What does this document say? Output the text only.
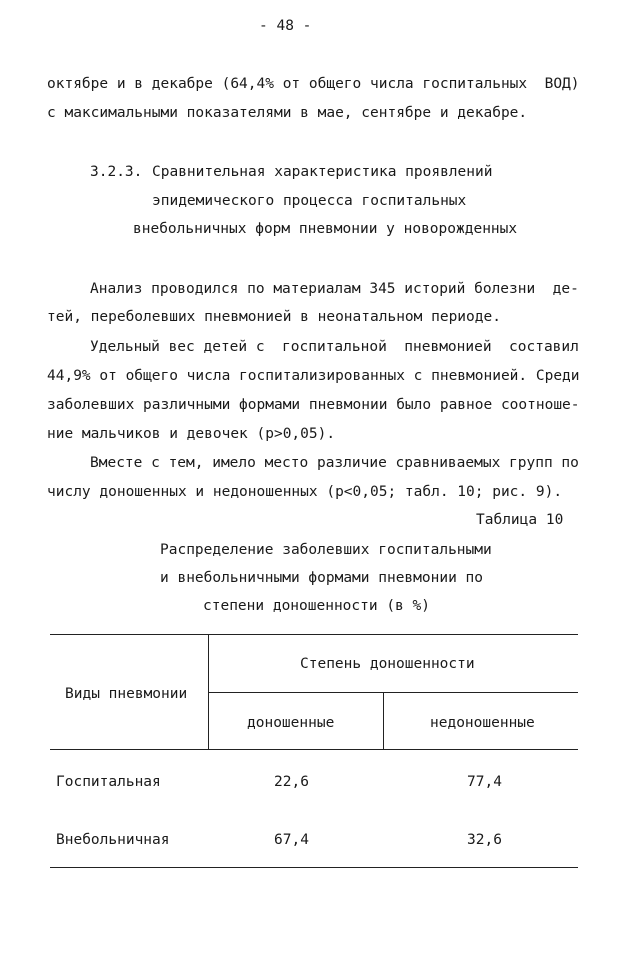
- 48 -
октябре и в декабре (64,4% от общего числа госпитальных  ВОД)
с максимальными показателями в мае, сентябре и декабре.
3.2.3. Сравнительная характеристика проявлений
эпидемического процесса госпитальных
внебольничных форм пневмонии у новорожденных
Анализ проводился по материалам 345 историй болезни  де-
тей, переболевших пневмонией в неонатальном периоде.
Удельный вес детей с  госпитальной  пневмонией  составил
44,9% от общего числа госпитализированных с пневмонией. Среди
заболевших различными формами пневмонии было равное соотноше-
ние мальчиков и девочек (р>0,05).
Вместе с тем, имело место различие сравниваемых групп по
числу доношенных и недоношенных (р<0,05; табл. 10; рис. 9).
Таблица 10
Распределение заболевших госпитальными
и внебольничными формами пневмонии по
степени доношенности (в %)
Виды пневмонии
Степень доношенности
доношенные	недоношенные
Госпитальная	22,6	77,4
Внебольничная	67,4	32,6
